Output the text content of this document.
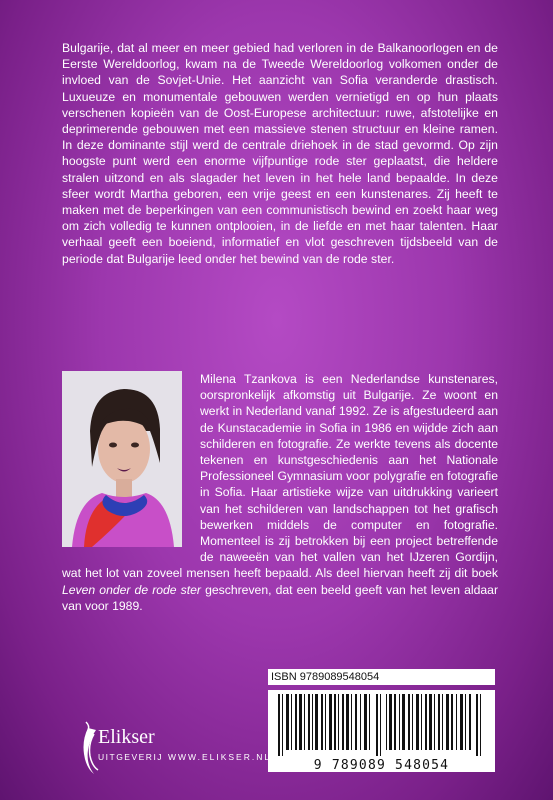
Bulgarije, dat al meer en meer gebied had verloren in de Balkanoorlogen en de Eerste Wereldoorlog, kwam na de Tweede Wereldoorlog volkomen onder de invloed van de Sovjet-Unie. Het aanzicht van Sofia veranderde drastisch. Luxueuze en monumentale gebouwen werden vernietigd en op hun plaats verschenen kopieën van de Oost-Europese architectuur: ruwe, afstotelijke en deprimerende gebouwen met een massieve stenen structuur en kleine ramen. In deze dominante stijl werd de centrale driehoek in de stad gevormd. Op zijn hoogste punt werd een enorme vijfpuntige rode ster geplaatst, die heldere stralen uitzond en als slagader het leven in het hele land bepaalde. In deze sfeer wordt Martha geboren, een vrije geest en een kunstenares. Zij heeft te maken met de beperkingen van een communistisch bewind en zoekt haar weg om zich volledig te kunnen ontplooien, in de liefde en met haar talenten. Haar verhaal geeft een boeiend, informatief en vlot geschreven tijdsbeeld van de periode dat Bulgarije leed onder het bewind van de rode ster.

Milena Tzankova is een Nederlandse kunstenares, oorspronkelijk afkomstig uit Bulgarije. Ze woont en werkt in Nederland vanaf 1992. Ze is afgestudeerd aan de Kunstacademie in Sofia in 1986 en wijdde zich aan schilderen en fotografie. Ze werkte tevens als docente tekenen en kunstgeschiedenis aan het Nationale Professioneel Gymnasium voor polygrafie en fotografie in Sofia. Haar artistieke wijze van uitdrukking varieert van het schilderen van landschappen tot het grafisch bewerken middels de computer en fotografie. Momenteel is zij betrokken bij een project betreffende de naweeën van het vallen van het IJzeren Gordijn, wat het lot van zoveel mensen heeft bepaald. Als deel hiervan heeft zij dit boek Leven onder de rode ster geschreven, dat een beeld geeft van het leven aldaar van voor 1989.

ISBN 9789089548054
9 789089 548054
Elikser
UITGEVERIJ WWW.ELIKSER.NL
